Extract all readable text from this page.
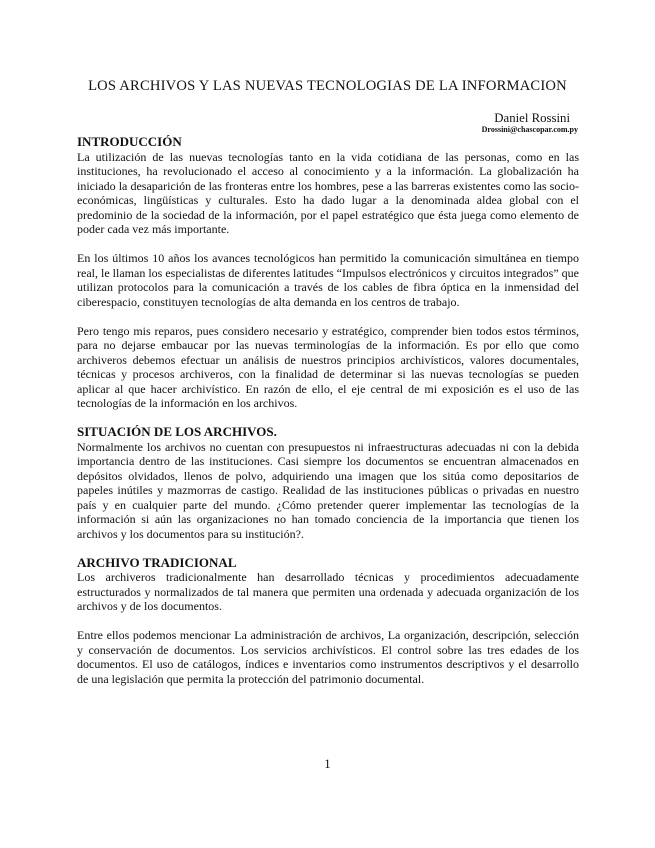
LOS ARCHIVOS Y LAS NUEVAS TECNOLOGIAS DE LA INFORMACION
Daniel Rossini
Drossini@chascopar.com.py

INTRODUCCIÓN

La utilización de las nuevas tecnologías tanto en la vida cotidiana de las personas, como en las instituciones, ha revolucionado el acceso al conocimiento y a la información. La globalización ha iniciado la desaparición de las fronteras entre los hombres, pese a las barreras existentes como las socio-económicas, lingüísticas y culturales. Esto ha dado lugar a la denominada aldea global con el predominio de la sociedad de la información, por el papel estratégico que ésta juega como elemento de poder cada vez más importante.

En los últimos 10 años los avances tecnológicos han permitido la comunicación simultánea en tiempo real, le llaman los especialistas de diferentes latitudes “Impulsos electrónicos y circuitos integrados” que utilizan protocolos para la comunicación a través de los cables de fibra óptica en la inmensidad del ciberespacio, constituyen tecnologías de alta demanda en los centros de trabajo.

Pero tengo mis reparos, pues considero necesario y estratégico, comprender bien todos estos términos, para no dejarse embaucar por las nuevas terminologías de la información. Es por ello que como archiveros debemos efectuar un análisis de nuestros principios archivísticos, valores documentales, técnicas y procesos archiveros, con la finalidad de determinar si las nuevas tecnologías se pueden aplicar al que hacer archivístico. En razón de ello, el eje central de mi exposición es el uso de las tecnologías de la información en los archivos.

SITUACIÓN DE LOS ARCHIVOS.

Normalmente los archivos no cuentan con presupuestos ni infraestructuras adecuadas ni con la debida importancia dentro de las instituciones. Casi siempre los documentos se encuentran almacenados en depósitos olvidados, llenos de polvo, adquiriendo una imagen que los sitúa como depositarios de papeles inútiles y mazmorras de castigo. Realidad de las instituciones públicas o privadas en nuestro país y en cualquier parte del mundo. ¿Cómo pretender querer implementar las tecnologías de la información si aún las organizaciones no han tomado conciencia de la importancia que tienen los archivos y los documentos para su institución?.

ARCHIVO TRADICIONAL

Los archiveros tradicionalmente han desarrollado técnicas y procedimientos adecuadamente estructurados y normalizados de tal manera que permiten una ordenada y adecuada organización de los archivos y de los documentos.

Entre ellos podemos mencionar La administración de archivos, La organización, descripción, selección y conservación de documentos. Los servicios archivísticos. El control sobre las tres edades de los documentos. El uso de catálogos, índices e inventarios como instrumentos descriptivos y el desarrollo de una legislación que permita la protección del patrimonio documental.

1
